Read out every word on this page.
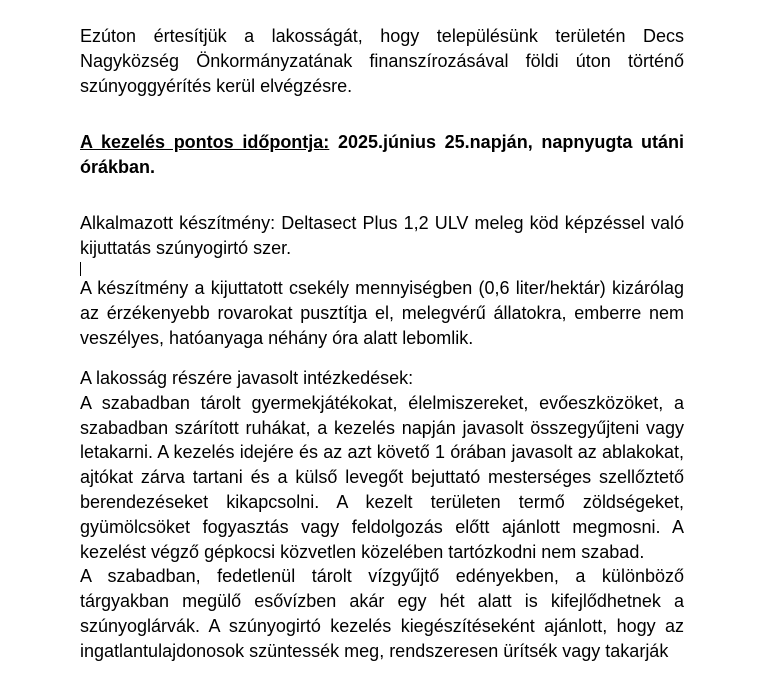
Ezúton értesítjük a lakosságát, hogy településünk területén Decs Nagyközség Önkormányzatának finanszírozásával földi úton történő szúnyoggyérítés kerül elvégzésre.

A kezelés pontos időpontja: 2025.június 25.napján, napnyugta utáni órákban.

Alkalmazott készítmény: Deltasect Plus 1,2 ULV meleg köd képzéssel való kijuttatás szúnyogirtó szer.

A készítmény a kijuttatott csekély mennyiségben (0,6 liter/hektár) kizárólag az érzékenyebb rovarokat pusztítja el, melegvérű állatokra, emberre nem veszélyes, hatóanyaga néhány óra alatt lebomlik.

A lakosság részére javasolt intézkedések:

A szabadban tárolt gyermekjátékokat, élelmiszereket, evőeszközöket, a szabadban szárított ruhákat, a kezelés napján javasolt összegyűjteni vagy letakarni. A kezelés idejére és az azt követő 1 órában javasolt az ablakokat, ajtókat zárva tartani és a külső levegőt bejuttató mesterséges szellőztető berendezéseket kikapcsolni. A kezelt területen termő zöldségeket, gyümölcsöket fogyasztás vagy feldolgozás előtt ajánlott megmosni. A kezelést végző gépkocsi közvetlen közelében tartózkodni nem szabad.

A szabadban, fedetlenül tárolt vízgyűjtő edényekben, a különböző tárgyakban megülő esővízben akár egy hét alatt is kifejlődhetnek a szúnyoglárvák. A szúnyogirtó kezelés kiegészítéseként ajánlott, hogy az ingatlantulajdonosok szüntessék meg, rendszeresen ürítsék vagy takarják
